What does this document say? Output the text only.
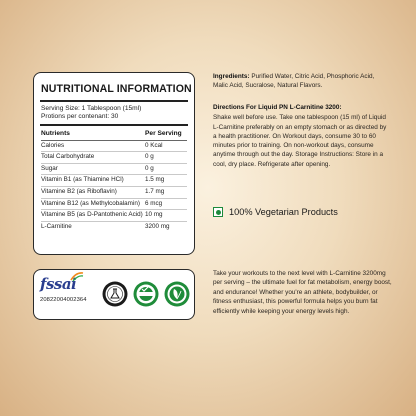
NUTRITIONAL INFORMATION
Serving Size: 1 Tablespoon (15ml)
Protions per contenant: 30
Nutrients	Per Serving
Calories	0 Kcal
Total Carbohydrate	0 g
Sugar	0 g
Vitamin B1 (as Thiamine HCl)	1.5 mg
Vitamine B2 (as Riboflavin)	1.7 mg
Vitamine B12 (as Methylcobalamin) 6 mcg
Vitamine B5 (as D-Pantothenic Acid) 10 mg
L-Carnitine	3200 mg
Ingredients: Purified Water, Citric Acid, Phosphoric Acid, Malic Acid, Sucralose, Natural Flavors.
Directions For Liquid PN L-Carnitine 3200:
Shake well before use. Take one tablespoon (15 ml) of Liquid L-Carnitine preferably on an empty stomach or as directed by a health practitioner. On Workout days, consume 30 to 60 minutes prior to training. On non-workout days, consume anytime through out the day. Storage Instructions: Store in a cool, dry place. Refrigerate after opening.
100% Vegetarian Products
fssai
20822004002364
Take your workouts to the next level with L-Carnitine 3200mg per serving – the ultimate fuel for fat metabolism, energy boost, and endurance! Whether you're an athlete, bodybuilder, or fitness enthusiast, this powerful formula helps you burn fat efficiently while keeping your energy levels high.
